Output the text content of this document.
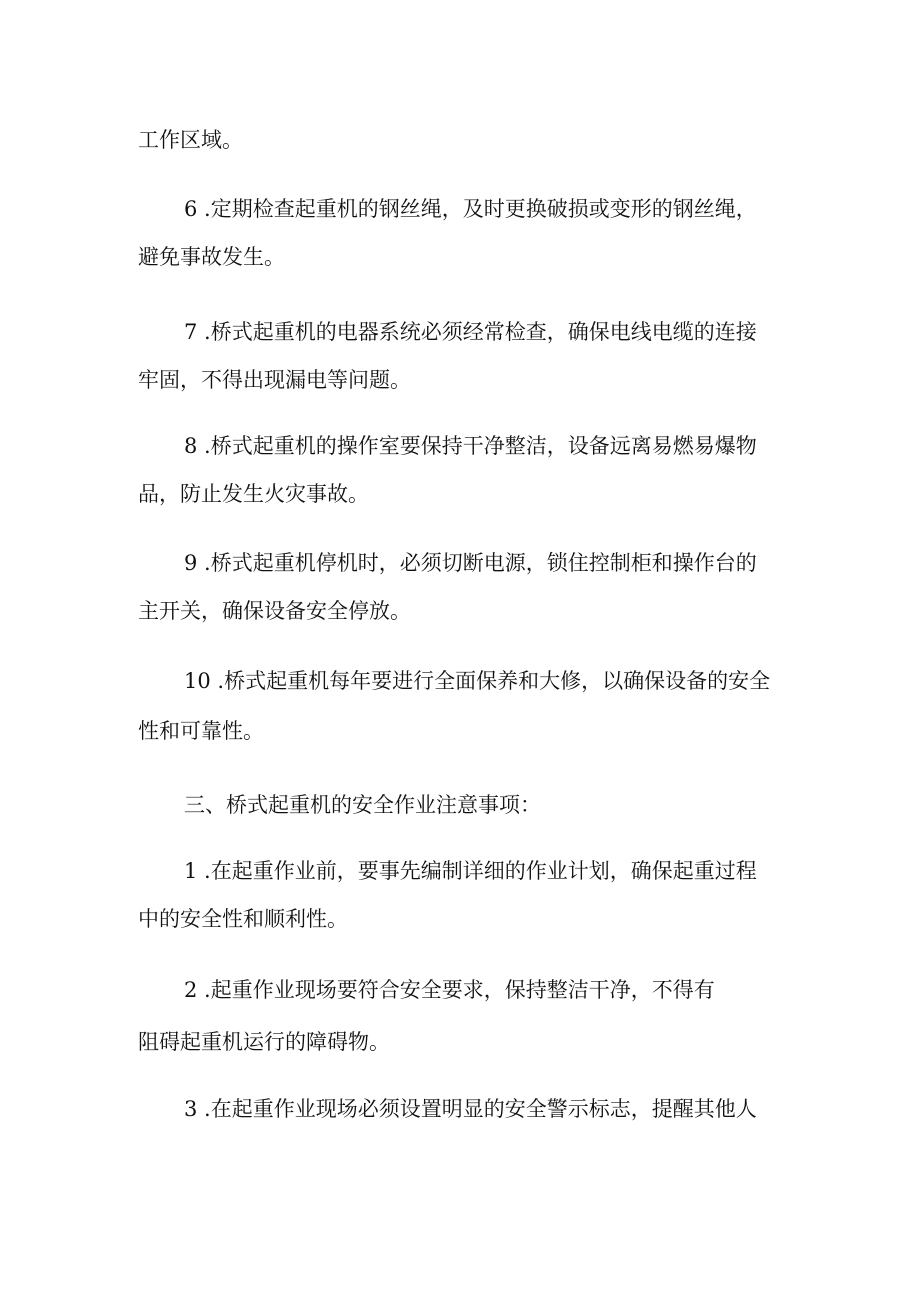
工作区域。
6 .定期检查起重机的钢丝绳，及时更换破损或变形的钢丝绳，
避免事故发生。
7 .桥式起重机的电器系统必须经常检查，确保电线电缆的连接
牢固，不得出现漏电等问题。
8 .桥式起重机的操作室要保持干净整洁，设备远离易燃易爆物
品，防止发生火灾事故。
9 .桥式起重机停机时，必须切断电源，锁住控制柜和操作台的
主开关，确保设备安全停放。
10 .桥式起重机每年要进行全面保养和大修，以确保设备的安全
性和可靠性。
三、桥式起重机的安全作业注意事项：
1 .在起重作业前，要事先编制详细的作业计划，确保起重过程
中的安全性和顺利性。
2 .起重作业现场要符合安全要求，保持整洁干净，不得有
阻碍起重机运行的障碍物。
3 .在起重作业现场必须设置明显的安全警示标志，提醒其他人
